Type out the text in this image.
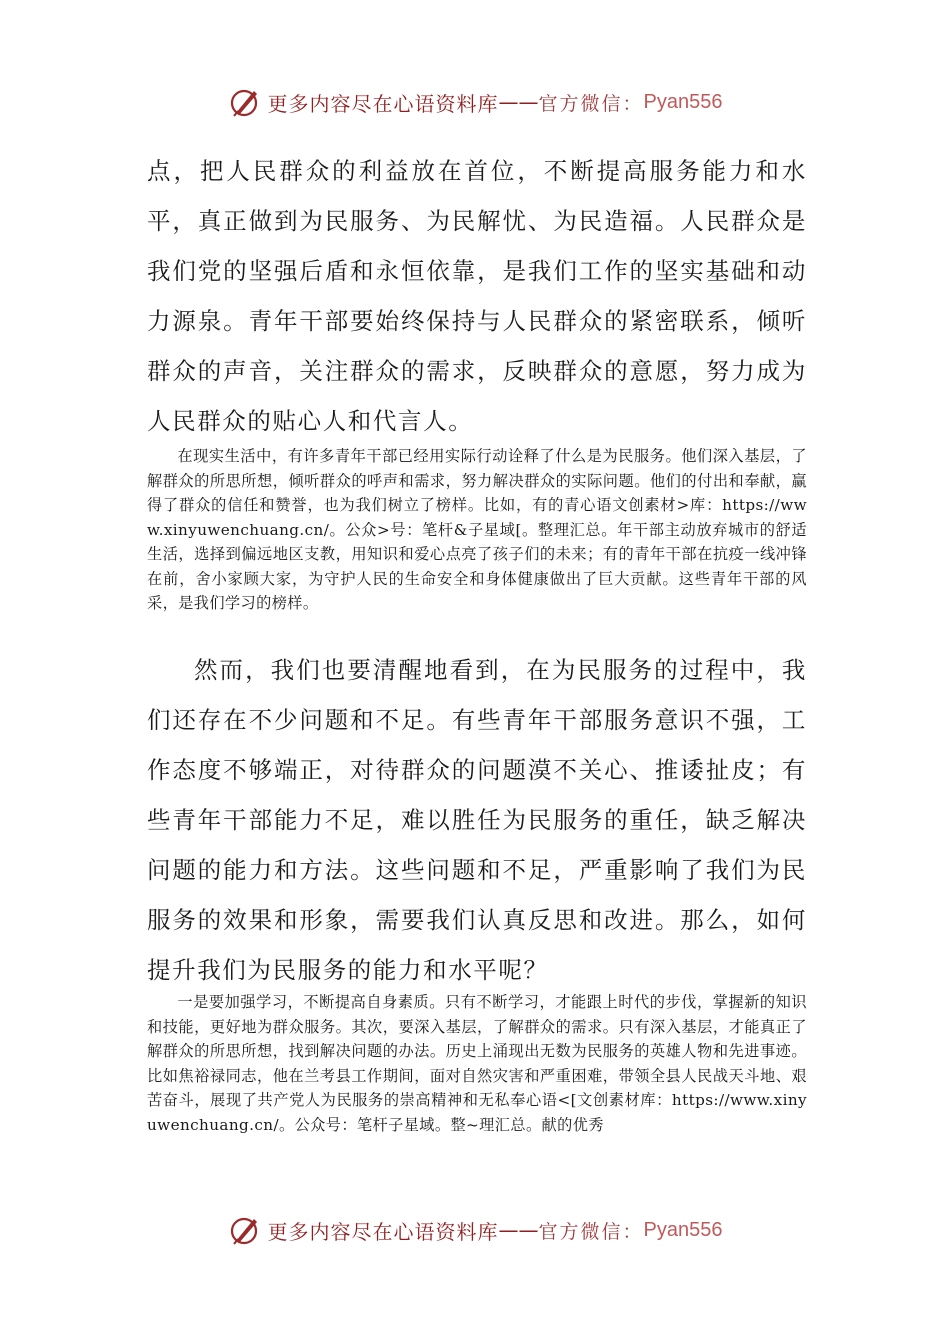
更多内容尽在心语资料库 —— 官方微信： Pyan556

点，把人民群众的利益放在首位，不断提高服务能力和水平，真正做到为民服务、为民解忧、为民造福。人民群众是我们党的坚强后盾和永恒依靠，是我们工作的坚实基础和动力源泉。青年干部要始终保持与人民群众的紧密联系，倾听群众的声音，关注群众的需求，反映群众的意愿，努力成为人民群众的贴心人和代言人。

在现实生活中，有许多青年干部已经用实际行动诠释了什么是为民服务。他们深入基层，了解群众的所思所想，倾听群众的呼声和需求，努力解决群众的实际问题。他们的付出和奉献，赢得了群众的信任和赞誉，也为我们树立了榜样。比如，有的青心语文创素材>库：https://www.xinyuwenchuang.cn/。公众>号：笔杆&子星域[。整理汇总。年干部主动放弃城市的舒适生活，选择到偏远地区支教，用知识和爱心点亮了孩子们的未来；有的青年干部在抗疫一线冲锋在前，舍小家顾大家，为守护人民的生命安全和身体健康做出了巨大贡献。这些青年干部的风采，是我们学习的榜样。

然而，我们也要清醒地看到，在为民服务的过程中，我们还存在不少问题和不足。有些青年干部服务意识不强，工作态度不够端正，对待群众的问题漠不关心、推诿扯皮；有些青年干部能力不足，难以胜任为民服务的重任，缺乏解决问题的能力和方法。这些问题和不足，严重影响了我们为民服务的效果和形象，需要我们认真反思和改进。那么，如何提升我们为民服务的能力和水平呢？

一是要加强学习，不断提高自身素质。只有不断学习，才能跟上时代的步伐，掌握新的知识和技能，更好地为群众服务。其次，要深入基层，了解群众的需求。只有深入基层，才能真正了解群众的所思所想，找到解决问题的办法。历史上涌现出无数为民服务的英雄人物和先进事迹。比如焦裕禄同志，他在兰考县工作期间，面对自然灾害和严重困难，带领全县人民战天斗地、艰苦奋斗，展现了共产党人为民服务的崇高精神和无私奉心语<[文创素材库：https://www.xinyuwenchuang.cn/。公众号：笔杆子星域。整~理汇总。献的优秀

更多内容尽在心语资料库 —— 官方微信： Pyan556
